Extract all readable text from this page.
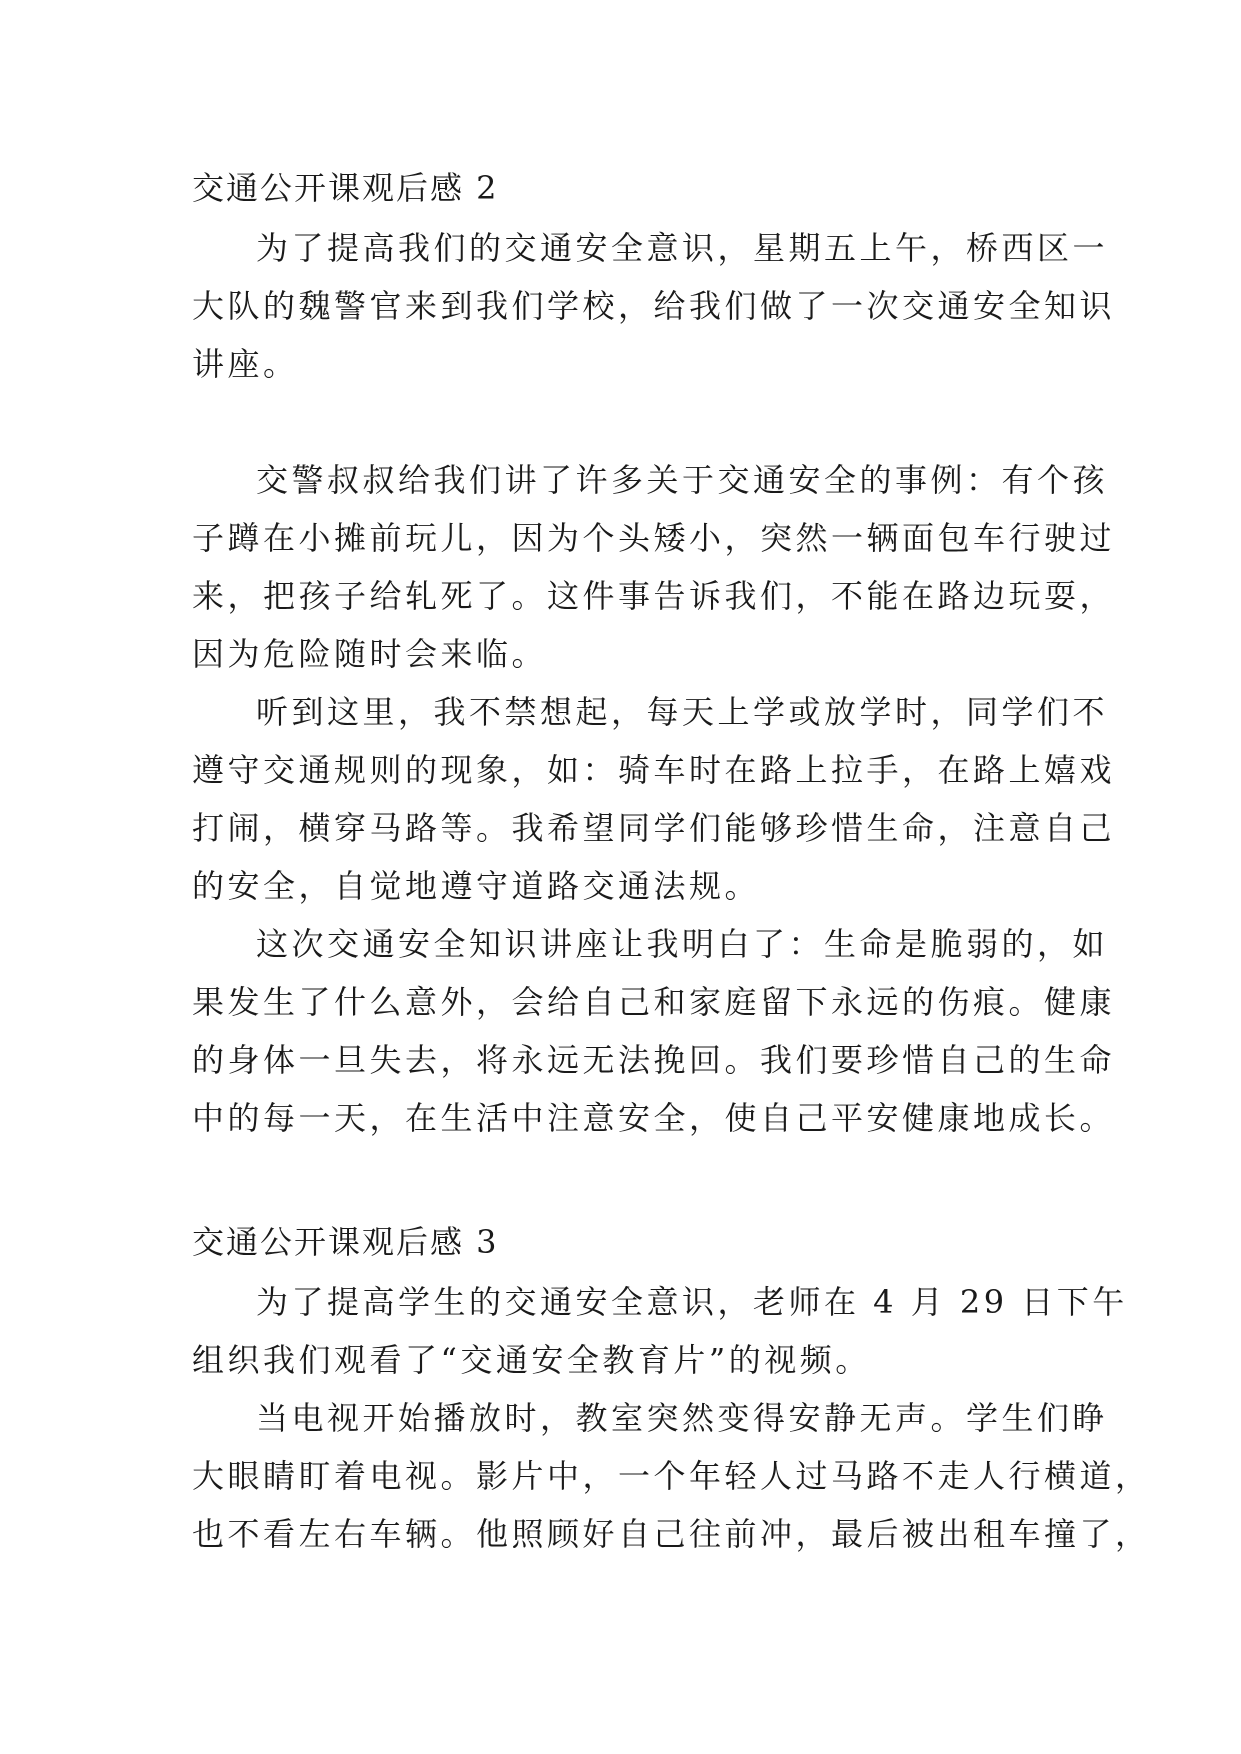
交通公开课观后感 2
为了提高我们的交通安全意识，星期五上午，桥西区一
大队的魏警官来到我们学校，给我们做了一次交通安全知识
讲座。
交警叔叔给我们讲了许多关于交通安全的事例：有个孩
子蹲在小摊前玩儿，因为个头矮小，突然一辆面包车行驶过
来，把孩子给轧死了。这件事告诉我们，不能在路边玩耍，
因为危险随时会来临。
听到这里，我不禁想起，每天上学或放学时，同学们不
遵守交通规则的现象，如：骑车时在路上拉手，在路上嬉戏
打闹，横穿马路等。我希望同学们能够珍惜生命，注意自己
的安全，自觉地遵守道路交通法规。
这次交通安全知识讲座让我明白了：生命是脆弱的，如
果发生了什么意外，会给自己和家庭留下永远的伤痕。健康
的身体一旦失去，将永远无法挽回。我们要珍惜自己的生命
中的每一天，在生活中注意安全，使自己平安健康地成长。
交通公开课观后感 3
为了提高学生的交通安全意识，老师在 4 月 29 日下午
组织我们观看了“交通安全教育片”的视频。
当电视开始播放时，教室突然变得安静无声。学生们睁
大眼睛盯着电视。影片中，一个年轻人过马路不走人行横道，
也不看左右车辆。他照顾好自己往前冲，最后被出租车撞了，
